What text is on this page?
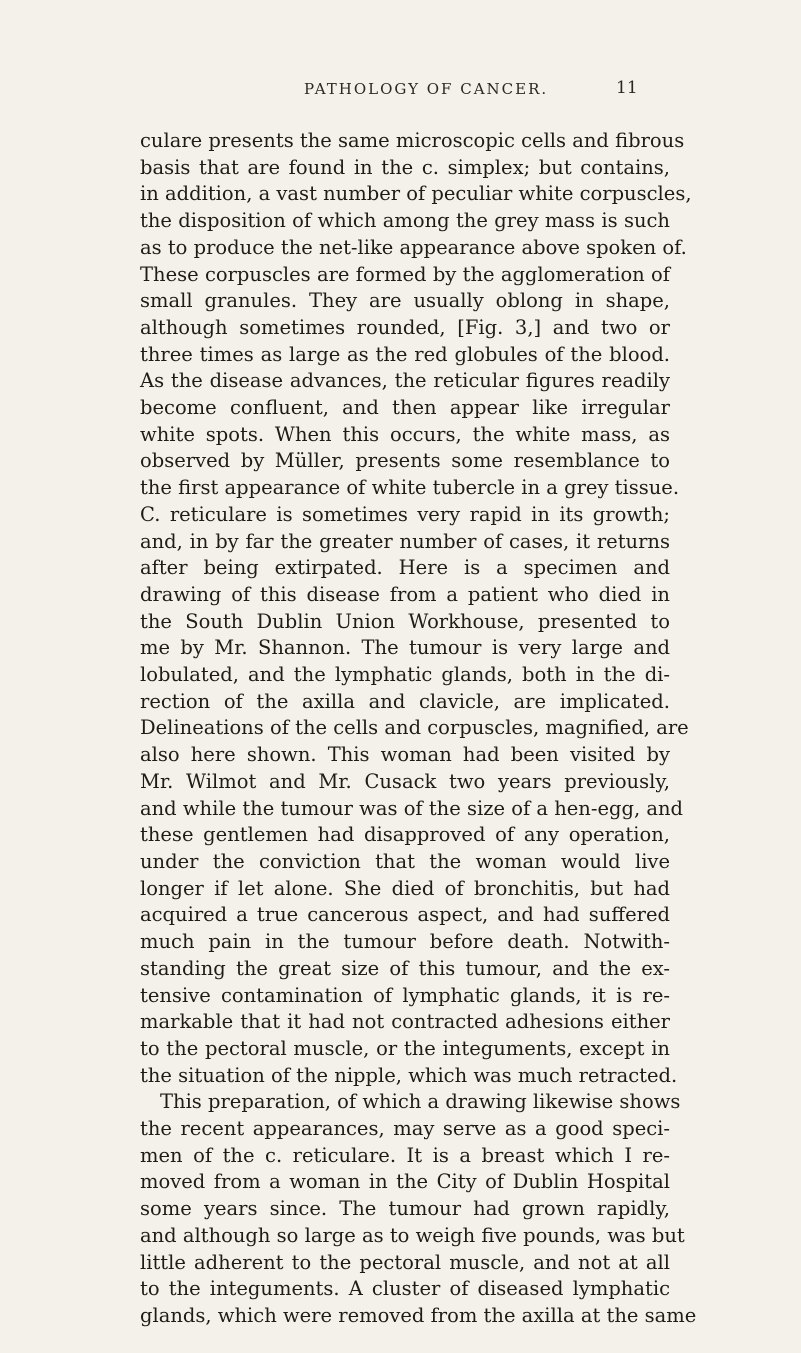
PATHOLOGY OF CANCER.	11
culare presents the same microscopic cells and fibrous
basis that are found in the c. simplex; but contains,
in addition, a vast number of peculiar white corpuscles,
the disposition of which among the grey mass is such
as to produce the net-like appearance above spoken of.
These corpuscles are formed by the agglomeration of
small granules. They are usually oblong in shape,
although sometimes rounded, [Fig. 3,] and two or
three times as large as the red globules of the blood.
As the disease advances, the reticular figures readily
become confluent, and then appear like irregular
white spots. When this occurs, the white mass, as
observed by Müller, presents some resemblance to
the first appearance of white tubercle in a grey tissue.
C. reticulare is sometimes very rapid in its growth;
and, in by far the greater number of cases, it returns
after being extirpated. Here is a specimen and
drawing of this disease from a patient who died in
the South Dublin Union Workhouse, presented to
me by Mr. Shannon. The tumour is very large and
lobulated, and the lymphatic glands, both in the di-
rection of the axilla and clavicle, are implicated.
Delineations of the cells and corpuscles, magnified, are
also here shown. This woman had been visited by
Mr. Wilmot and Mr. Cusack two years previously,
and while the tumour was of the size of a hen-egg, and
these gentlemen had disapproved of any operation,
under the conviction that the woman would live
longer if let alone. She died of bronchitis, but had
acquired a true cancerous aspect, and had suffered
much pain in the tumour before death. Notwith-
standing the great size of this tumour, and the ex-
tensive contamination of lymphatic glands, it is re-
markable that it had not contracted adhesions either
to the pectoral muscle, or the integuments, except in
the situation of the nipple, which was much retracted.
This preparation, of which a drawing likewise shows
the recent appearances, may serve as a good speci-
men of the c. reticulare. It is a breast which I re-
moved from a woman in the City of Dublin Hospital
some years since. The tumour had grown rapidly,
and although so large as to weigh five pounds, was but
little adherent to the pectoral muscle, and not at all
to the integuments. A cluster of diseased lymphatic
glands, which were removed from the axilla at the same
